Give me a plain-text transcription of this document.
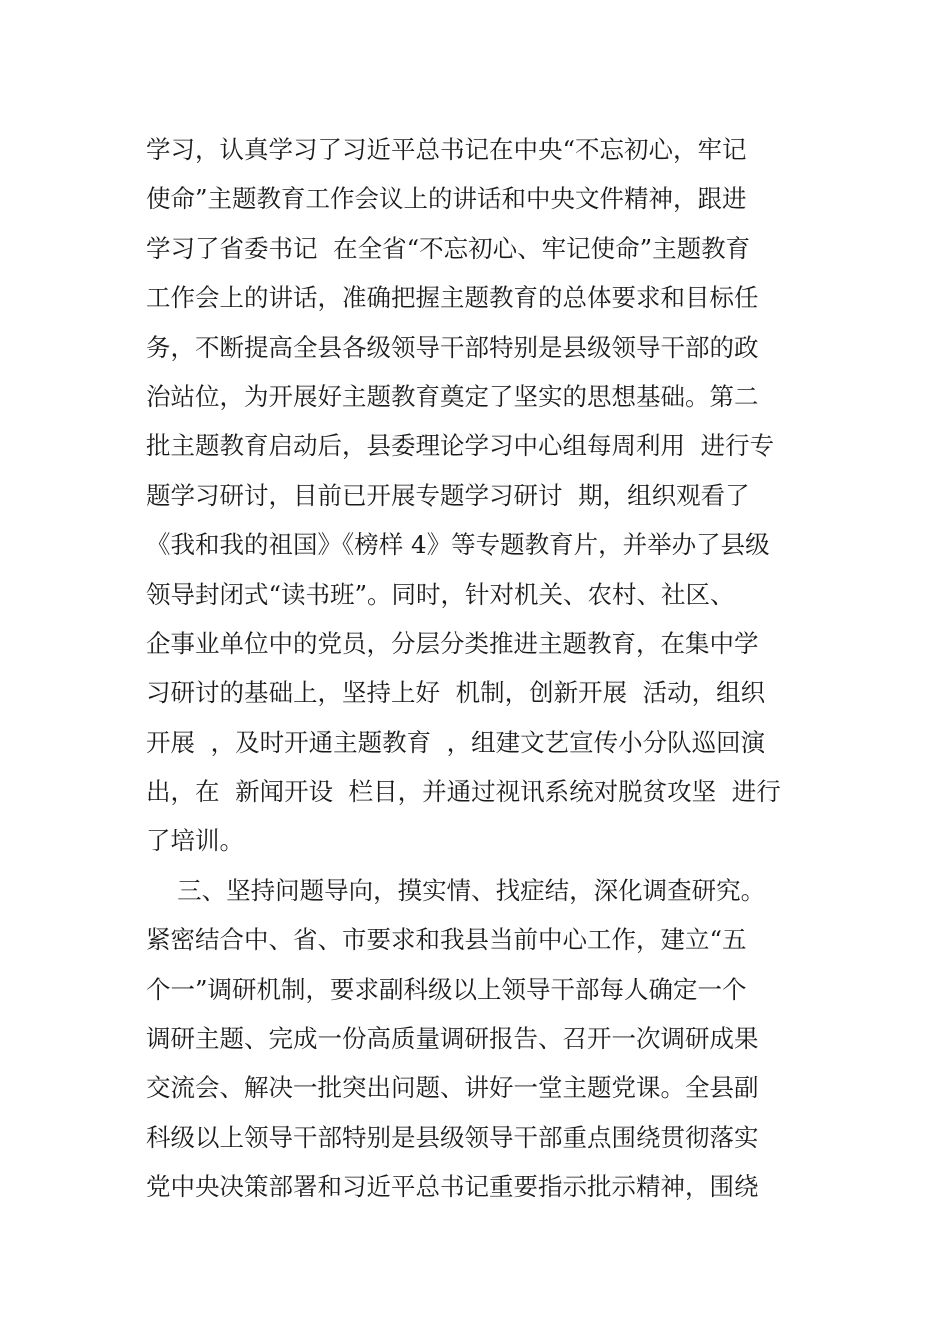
学习，认真学习了习近平总书记在中央“不忘初心，牢记
使命”主题教育工作会议上的讲话和中央文件精神，跟进
学习了省委书记  在全省“不忘初心、牢记使命”主题教育
工作会上的讲话，准确把握主题教育的总体要求和目标任
务，不断提高全县各级领导干部特别是县级领导干部的政
治站位，为开展好主题教育奠定了坚实的思想基础。第二
批主题教育启动后，县委理论学习中心组每周利用  进行专
题学习研讨，目前已开展专题学习研讨  期，组织观看了
《我和我的祖国》《榜样 4》等专题教育片，并举办了县级
领导封闭式“读书班”。同时，针对机关、农村、社区、
企事业单位中的党员，分层分类推进主题教育，在集中学
习研讨的基础上，坚持上好  机制，创新开展  活动，组织
开展  ，及时开通主题教育  ，组建文艺宣传小分队巡回演
出，在  新闻开设  栏目，并通过视讯系统对脱贫攻坚  进行
了培训。
三、坚持问题导向，摸实情、找症结，深化调查研究。
紧密结合中、省、市要求和我县当前中心工作，建立“五
个一”调研机制，要求副科级以上领导干部每人确定一个
调研主题、完成一份高质量调研报告、召开一次调研成果
交流会、解决一批突出问题、讲好一堂主题党课。全县副
科级以上领导干部特别是县级领导干部重点围绕贯彻落实
党中央决策部署和习近平总书记重要指示批示精神，围绕
